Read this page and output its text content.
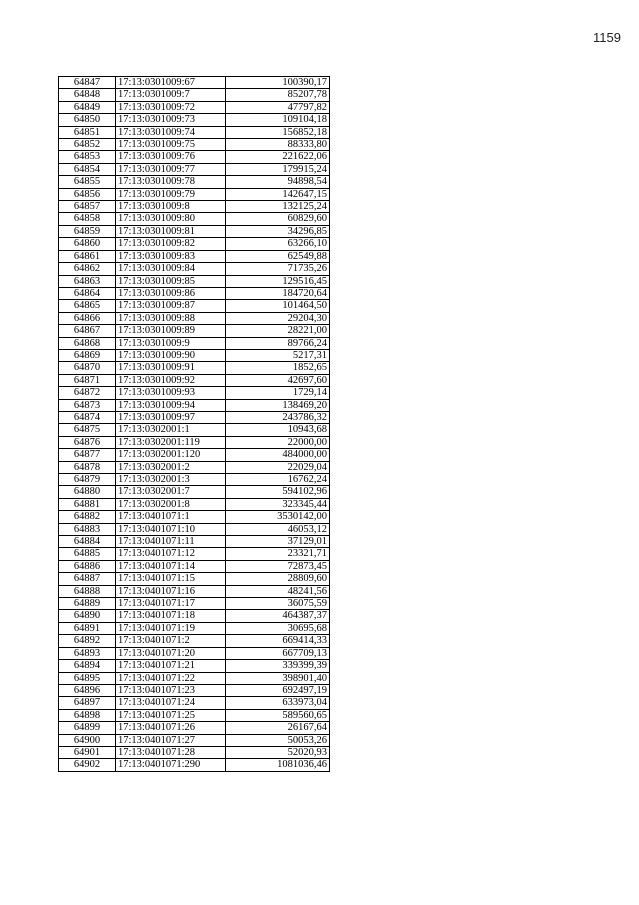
1159
64847	17:13:0301009:67	100390,17
64848	17:13:0301009:7	85207,78
64849	17:13:0301009:72	47797,82
64850	17:13:0301009:73	109104,18
64851	17:13:0301009:74	156852,18
64852	17:13:0301009:75	88333,80
64853	17:13:0301009:76	221622,06
64854	17:13:0301009:77	179915,24
64855	17:13:0301009:78	94898,54
64856	17:13:0301009:79	142647,15
64857	17:13:0301009:8	132125,24
64858	17:13:0301009:80	60829,60
64859	17:13:0301009:81	34296,85
64860	17:13:0301009:82	63266,10
64861	17:13:0301009:83	62549,88
64862	17:13:0301009:84	71735,26
64863	17:13:0301009:85	129516,45
64864	17:13:0301009:86	184720,64
64865	17:13:0301009:87	101464,50
64866	17:13:0301009:88	29204,30
64867	17:13:0301009:89	28221,00
64868	17:13:0301009:9	89766,24
64869	17:13:0301009:90	5217,31
64870	17:13:0301009:91	1852,65
64871	17:13:0301009:92	42697,60
64872	17:13:0301009:93	1729,14
64873	17:13:0301009:94	138469,20
64874	17:13:0301009:97	243786,32
64875	17:13:0302001:1	10943,68
64876	17:13:0302001:119	22000,00
64877	17:13:0302001:120	484000,00
64878	17:13:0302001:2	22029,04
64879	17:13:0302001:3	16762,24
64880	17:13:0302001:7	594102,96
64881	17:13:0302001:8	323345,44
64882	17:13:0401071:1	3530142,00
64883	17:13:0401071:10	46053,12
64884	17:13:0401071:11	37129,01
64885	17:13:0401071:12	23321,71
64886	17:13:0401071:14	72873,45
64887	17:13:0401071:15	28809,60
64888	17:13:0401071:16	48241,56
64889	17:13:0401071:17	36075,59
64890	17:13:0401071:18	464387,37
64891	17:13:0401071:19	30695,68
64892	17:13:0401071:2	669414,33
64893	17:13:0401071:20	667709,13
64894	17:13:0401071:21	339399,39
64895	17:13:0401071:22	398901,40
64896	17:13:0401071:23	692497,19
64897	17:13:0401071:24	633973,04
64898	17:13:0401071:25	589560,65
64899	17:13:0401071:26	26167,64
64900	17:13:0401071:27	50053,26
64901	17:13:0401071:28	52020,93
64902	17:13:0401071:290	1081036,46
